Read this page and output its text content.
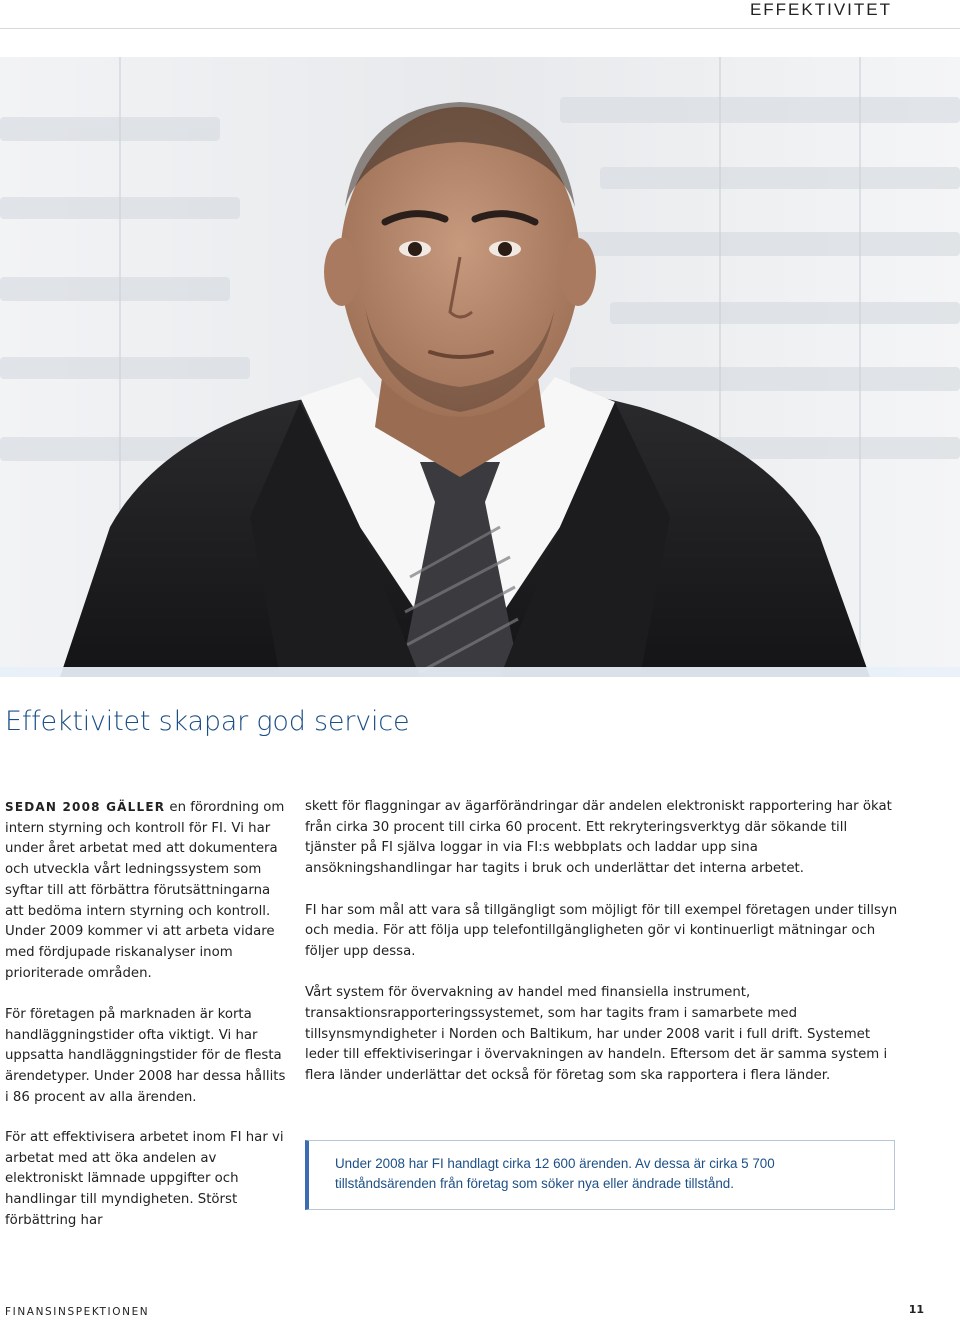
EFFEKTIVITET
Effektivitet skapar god service

SEDAN 2008 GÄLLER en förordning om intern styrning och kontroll för FI. Vi har under året arbetat med att dokumentera och utveckla vårt ledningssystem som syftar till att förbättra förutsättningarna att bedöma intern styrning och kontroll. Under 2009 kommer vi att arbeta vidare med fördjupade riskanalyser inom prioriterade områden.

För företagen på marknaden är korta handläggningstider ofta viktigt. Vi har uppsatta handläggningstider för de flesta ärendetyper. Under 2008 har dessa hållits i 86 procent av alla ärenden.

För att effektivisera arbetet inom FI har vi arbetat med att öka andelen av elektroniskt lämnade uppgifter och handlingar till myndigheten. Störst förbättring har

skett för flaggningar av ägarförändringar där andelen elektroniskt rapportering har ökat från cirka 30 procent till cirka 60 procent. Ett rekryteringsverktyg där sökande till tjänster på FI själva loggar in via FI:s webbplats och laddar upp sina ansökningshandlingar har tagits i bruk och underlättar det interna arbetet.

FI har som mål att vara så tillgängligt som möjligt för till exempel företagen under tillsyn och media. För att följa upp telefontillgängligheten gör vi kontinuerligt mätningar och följer upp dessa.

Vårt system för övervakning av handel med finansiella instrument, transaktionsrapporteringssystemet, som har tagits fram i samarbete med tillsynsmyndigheter i Norden och Baltikum, har under 2008 varit i full drift. Systemet leder till effektiviseringar i övervakningen av handeln. Eftersom det är samma system i flera länder underlättar det också för företag som ska rapportera i flera länder.

Under 2008 har FI handlagt cirka 12 600 ärenden. Av dessa är cirka 5 700 tillståndsärenden från företag som söker nya eller ändrade tillstånd.
FINANSINSPEKTIONEN	11
